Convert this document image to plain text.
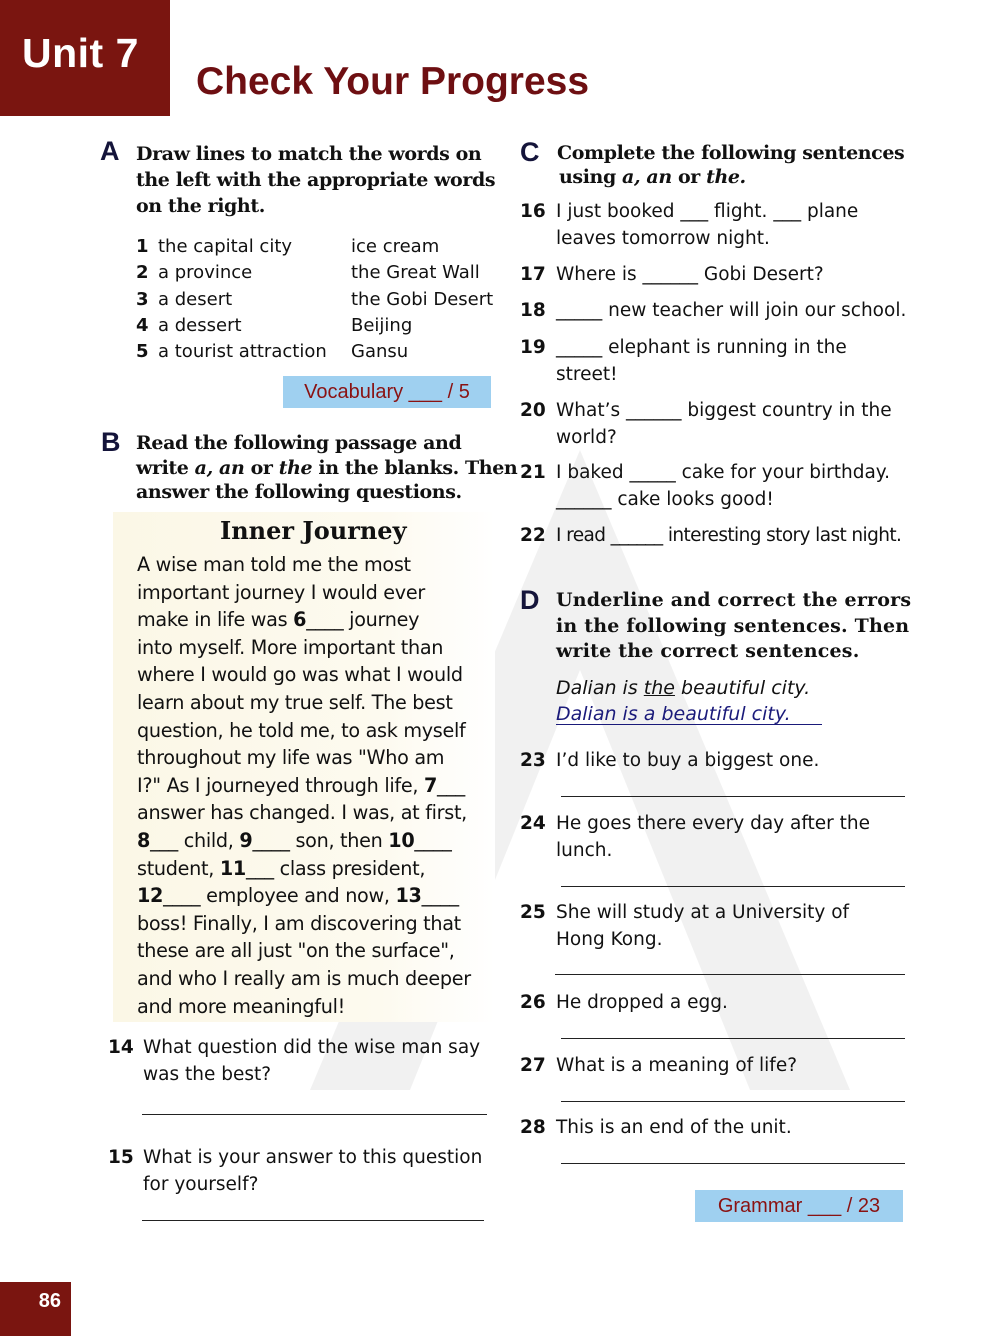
Unit 7
Check Your Progress
A Draw lines to match the words on
the left with the appropriate words
on the right.
1 the capital city	ice cream
2 a province	the Great Wall
3 a desert	the Gobi Desert
4 a dessert	Beijing
5 a tourist attraction	Gansu
Vocabulary ___ / 5
B Read the following passage and
write a, an or the in the blanks. Then
answer the following questions.
Inner Journey
A wise man told me the most
important journey I would ever
make in life was 6____ journey
into myself. More important than
where I would go was what I would
learn about my true self. The best
question, he told me, to ask myself
throughout my life was "Who am
I?" As I journeyed through life, 7___
answer has changed. I was, at first,
8___ child, 9____ son, then 10____
student, 11___ class president,
12____ employee and now, 13____
boss! Finally, I am discovering that
these are all just "on the surface",
and who I really am is much deeper
and more meaningful!
14 What question did the wise man say
was the best?
15 What is your answer to this question
for yourself?
C Complete the following sentences
using a, an or the.
16 I just booked ___ flight. ___ plane
leaves tomorrow night.
17 Where is ______ Gobi Desert?
18 _____ new teacher will join our school.
19 _____ elephant is running in the
street!
20 What’s ______ biggest country in the
world?
21 I baked _____ cake for your birthday.
______ cake looks good!
22 I read ______ interesting story last night.
D Underline and correct the errors
in the following sentences. Then
write the correct sentences.
Dalian is the beautiful city.
Dalian is a beautiful city.
23 I’d like to buy a biggest one.
24 He goes there every day after the
lunch.
25 She will study at a University of
Hong Kong.
26 He dropped a egg.
27 What is a meaning of life?
28 This is an end of the unit.
Grammar ___ / 23
86
